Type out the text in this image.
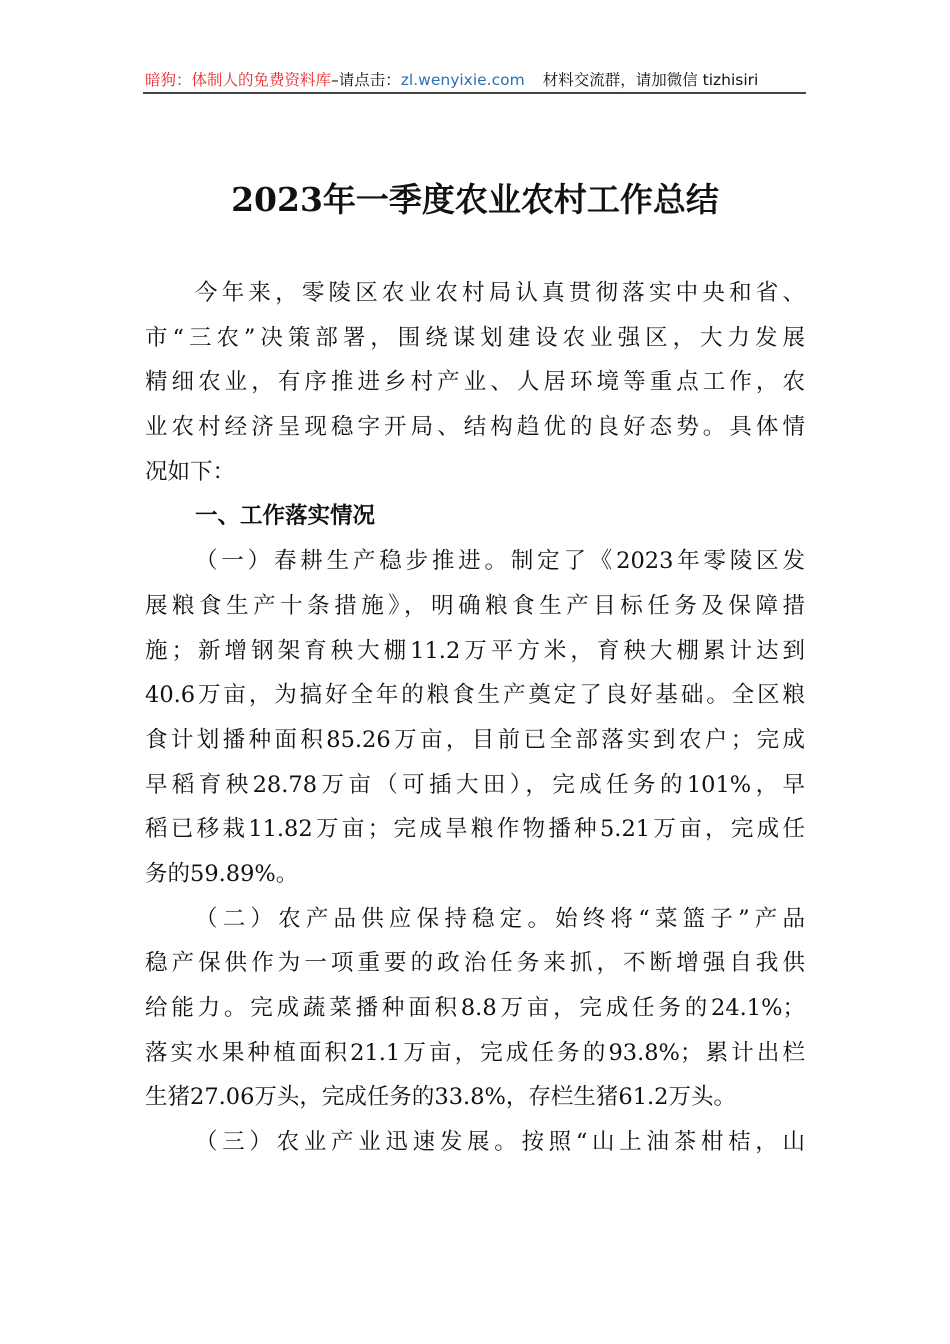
暗狗：体制人的免费资料库–请点击：zl.wenyixie.com 材料交流群，请加微信 tizhisiri
2023年一季度农业农村工作总结
今年来，零陵区农业农村局认真贯彻落实中央和省、
市“三农”决策部署，围绕谋划建设农业强区，大力发展
精细农业，有序推进乡村产业、人居环境等重点工作，农
业农村经济呈现稳字开局、结构趋优的良好态势。具体情
况如下：
一、工作落实情况
（一）春耕生产稳步推进。制定了《2023年零陵区发
展粮食生产十条措施》，明确粮食生产目标任务及保障措
施；新增钢架育秧大棚11.2万平方米，育秧大棚累计达到
40.6万亩，为搞好全年的粮食生产奠定了良好基础。全区粮
食计划播种面积85.26万亩，目前已全部落实到农户；完成
早稻育秧28.78万亩（可插大田），完成任务的101%，早
稻已移栽11.82万亩；完成旱粮作物播种5.21万亩，完成任
务的59.89%。
（二）农产品供应保持稳定。始终将“菜篮子”产品
稳产保供作为一项重要的政治任务来抓，不断增强自我供
给能力。完成蔬菜播种面积8.8万亩，完成任务的24.1%；
落实水果种植面积21.1万亩，完成任务的93.8%；累计出栏
生猪27.06万头，完成任务的33.8%，存栏生猪61.2万头。
（三）农业产业迅速发展。按照“山上油茶柑桔，山
